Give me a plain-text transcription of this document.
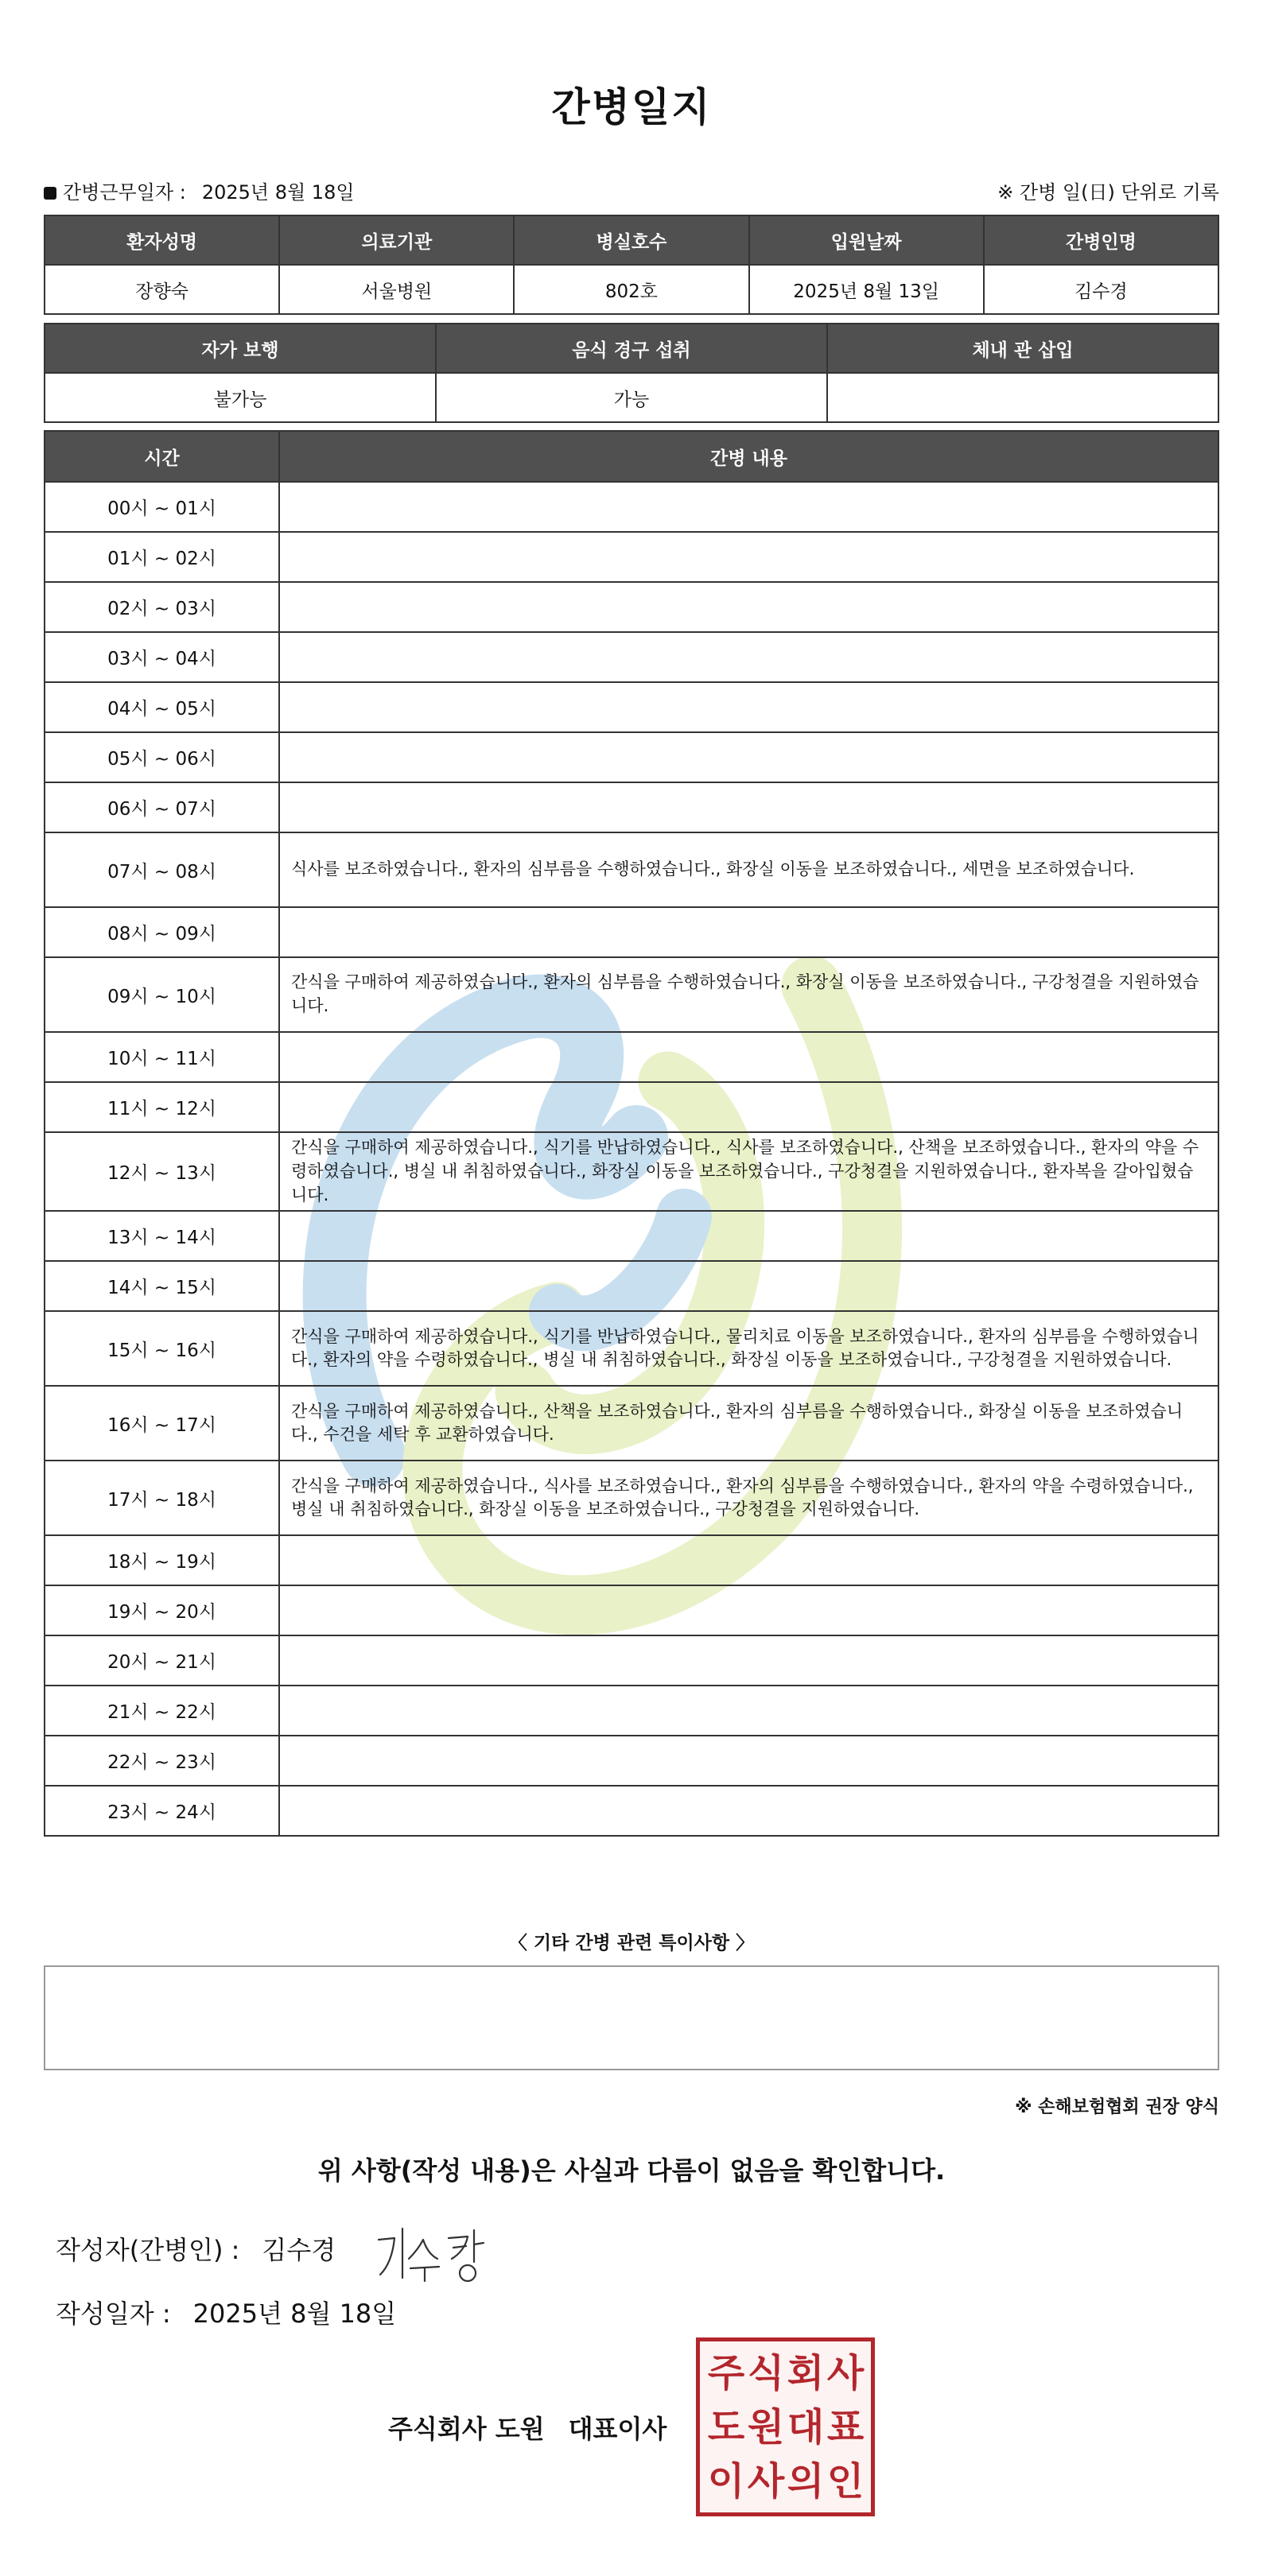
간병일지
간병근무일자 : 2025년 8월 18일	※ 간병 일(日) 단위로 기록
환자성명	의료기관	병실호수	입원날짜	간병인명
장향숙	서울병원	802호	2025년 8월 13일	김수경
자가 보행	음식 경구 섭취	체내 관 삽입
불가능	가능	
시간	간병 내용
00시 ~ 01시	
01시 ~ 02시	
02시 ~ 03시	
03시 ~ 04시	
04시 ~ 05시	
05시 ~ 06시	
06시 ~ 07시	
07시 ~ 08시	식사를 보조하였습니다., 환자의 심부름을 수행하였습니다., 화장실 이동을 보조하였습니다., 세면을 보조하였습니다.
08시 ~ 09시	
09시 ~ 10시	간식을 구매하여 제공하였습니다., 환자의 심부름을 수행하였습니다., 화장실 이동을 보조하였습니다., 구강청결을 지원하였습니다.
10시 ~ 11시	
11시 ~ 12시	
12시 ~ 13시	간식을 구매하여 제공하였습니다., 식기를 반납하였습니다., 식사를 보조하였습니다., 산책을 보조하였습니다., 환자의 약을 수령하였습니다., 병실 내 취침하였습니다., 화장실 이동을 보조하였습니다., 구강청결을 지원하였습니다., 환자복을 갈아입혔습니다.
13시 ~ 14시	
14시 ~ 15시	
15시 ~ 16시	간식을 구매하여 제공하였습니다., 식기를 반납하였습니다., 물리치료 이동을 보조하였습니다., 환자의 심부름을 수행하였습니다., 환자의 약을 수령하였습니다., 병실 내 취침하였습니다., 화장실 이동을 보조하였습니다., 구강청결을 지원하였습니다.
16시 ~ 17시	간식을 구매하여 제공하였습니다., 산책을 보조하였습니다., 환자의 심부름을 수행하였습니다., 화장실 이동을 보조하였습니다., 수건을 세탁 후 교환하였습니다.
17시 ~ 18시	간식을 구매하여 제공하였습니다., 식사를 보조하였습니다., 환자의 심부름을 수행하였습니다., 환자의 약을 수령하였습니다., 병실 내 취침하였습니다., 화장실 이동을 보조하였습니다., 구강청결을 지원하였습니다.
18시 ~ 19시	
19시 ~ 20시	
20시 ~ 21시	
21시 ~ 22시	
22시 ~ 23시	
23시 ~ 24시	
〈 기타 간병 관련 특이사항 〉
※ 손해보험협회 권장 양식
위 사항(작성 내용)은 사실과 다름이 없음을 확인합니다.
작성자(간병인) : 김수경
작성일자 : 2025년 8월 18일
주식회사 도원 대표이사
주 식 회 사
도 원 대 표
이 사 의 인
